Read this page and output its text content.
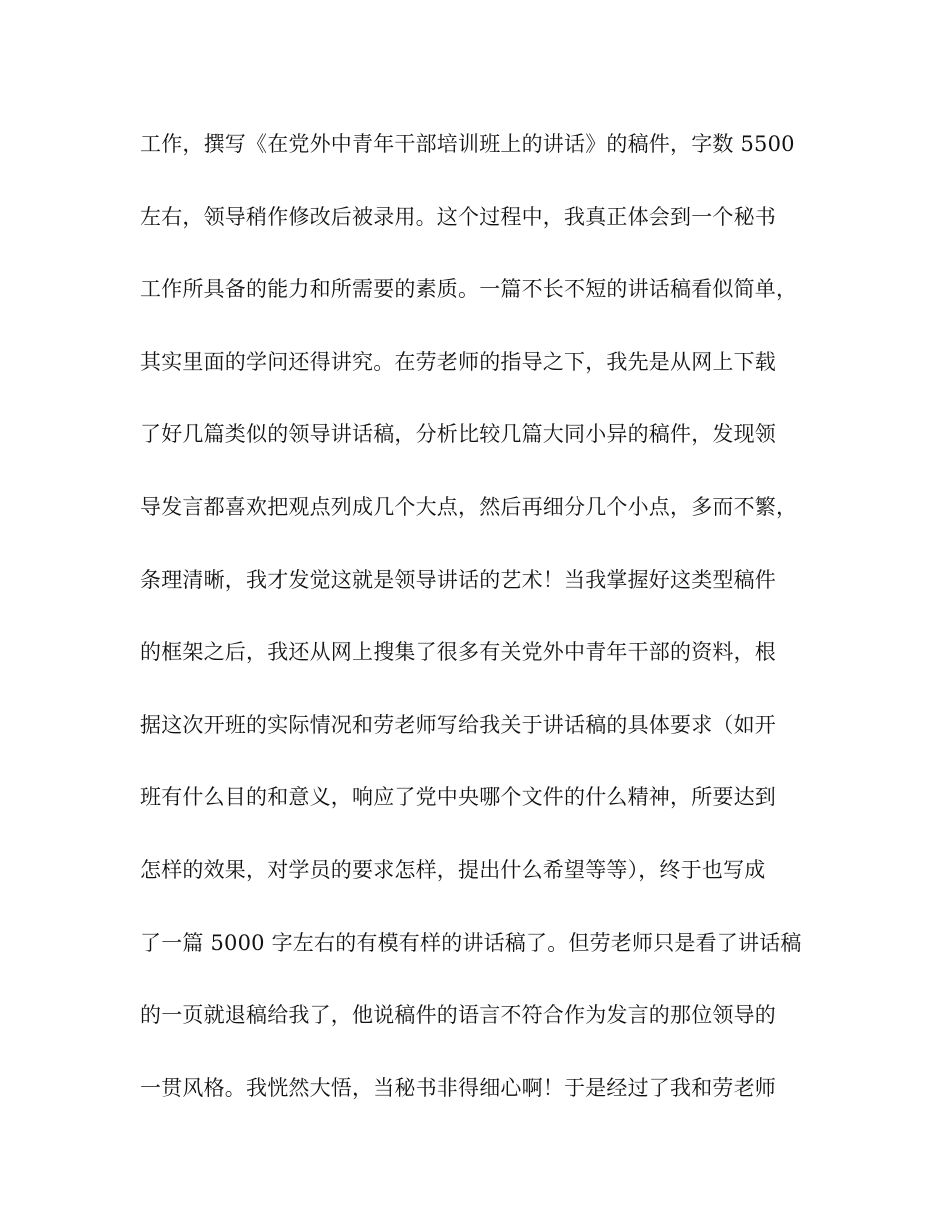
工作，撰写《在党外中青年干部培训班上的讲话》的稿件，字数 5500
左右，领导稍作修改后被录用。这个过程中，我真正体会到一个秘书
工作所具备的能力和所需要的素质。一篇不长不短的讲话稿看似简单，
其实里面的学问还得讲究。在劳老师的指导之下，我先是从网上下载
了好几篇类似的领导讲话稿，分析比较几篇大同小异的稿件，发现领
导发言都喜欢把观点列成几个大点，然后再细分几个小点，多而不繁，
条理清晰，我才发觉这就是领导讲话的艺术！当我掌握好这类型稿件
的框架之后，我还从网上搜集了很多有关党外中青年干部的资料，根
据这次开班的实际情况和劳老师写给我关于讲话稿的具体要求（如开
班有什么目的和意义，响应了党中央哪个文件的什么精神，所要达到
怎样的效果，对学员的要求怎样，提出什么希望等等），终于也写成
了一篇 5000 字左右的有模有样的讲话稿了。但劳老师只是看了讲话稿
的一页就退稿给我了，他说稿件的语言不符合作为发言的那位领导的
一贯风格。我恍然大悟，当秘书非得细心啊！于是经过了我和劳老师
